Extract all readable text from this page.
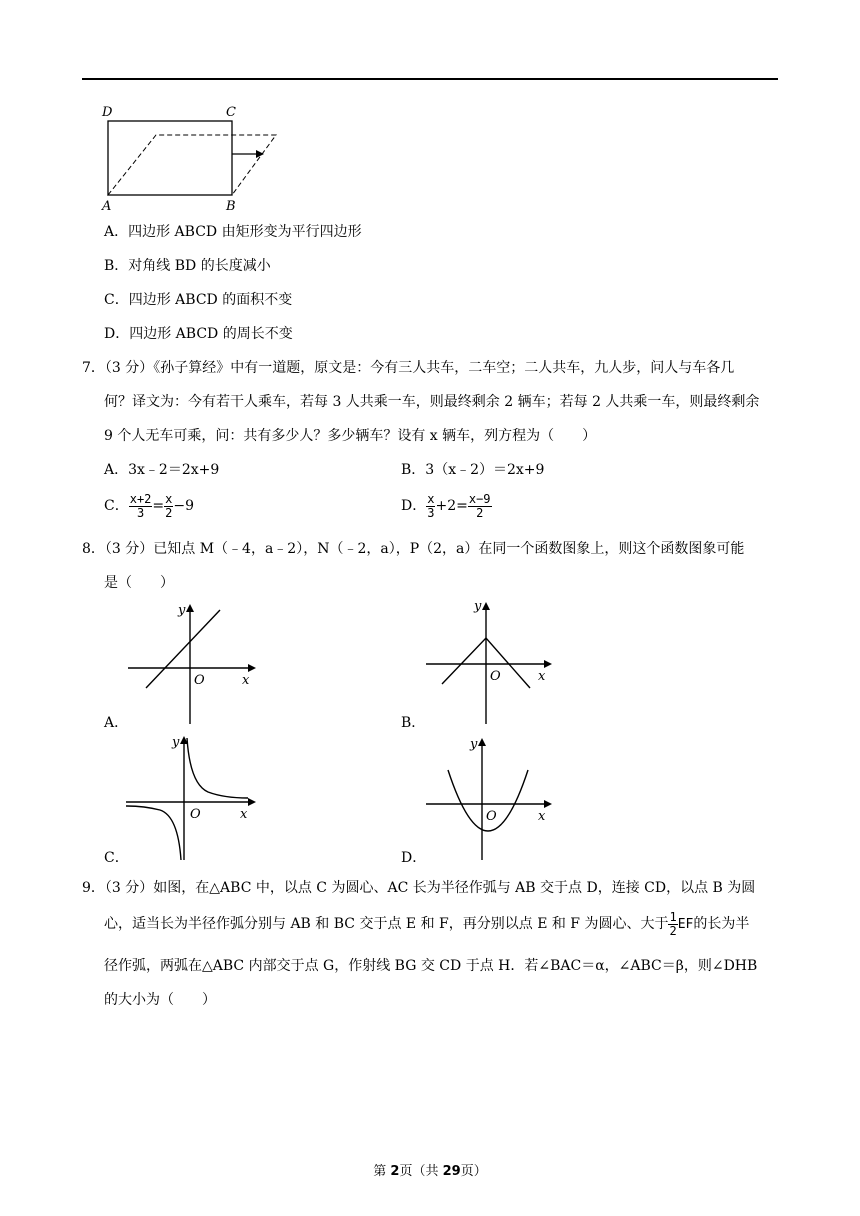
D	C
A	B
A．四边形 ABCD 由矩形变为平行四边形
B．对角线 BD 的长度减小
C．四边形 ABCD 的面积不变
D．四边形 ABCD 的周长不变
7．（3 分）《孙子算经》中有一道题，原文是：今有三人共车，二车空；二人共车，九人步，问人与车各几
何？译文为：今有若干人乘车，若每 3 人共乘一车，则最终剩余 2 辆车；若每 2 人共乘一车，则最终剩余
9 个人无车可乘，问：共有多少人？多少辆车？设有 x 辆车，列方程为（　　）
A．3x﹣2＝2x+9	B．3（x﹣2）＝2x+9
C． $\frac{x+2}{3} = \frac{x}{2} -9$	D． $\frac{x}{3} +2= \frac{x-9}{2}$
8．（3 分）已知点 M（﹣4，a﹣2），N（﹣2，a），P（2，a）在同一个函数图象上，则这个函数图象可能
是（　　）
y
O	x
A．
y
O	x
B．
y
O	x
C．
y
O	x
D．
9．（3 分）如图，在△ABC 中，以点 C 为圆心、AC 长为半径作弧与 AB 交于点 D，连接 CD，以点 B 为圆
心，适当长为半径作弧分别与 AB 和 BC 交于点 E 和 F，再分别以点 E 和 F 为圆心、大于 $\frac{1}{2}$ EF的长为半
径作弧，两弧在△ABC 内部交于点 G，作射线 BG 交 CD 于点 H．若∠BAC＝α，∠ABC＝β，则∠DHB
的大小为（　　）
第 2页（共 29页）
